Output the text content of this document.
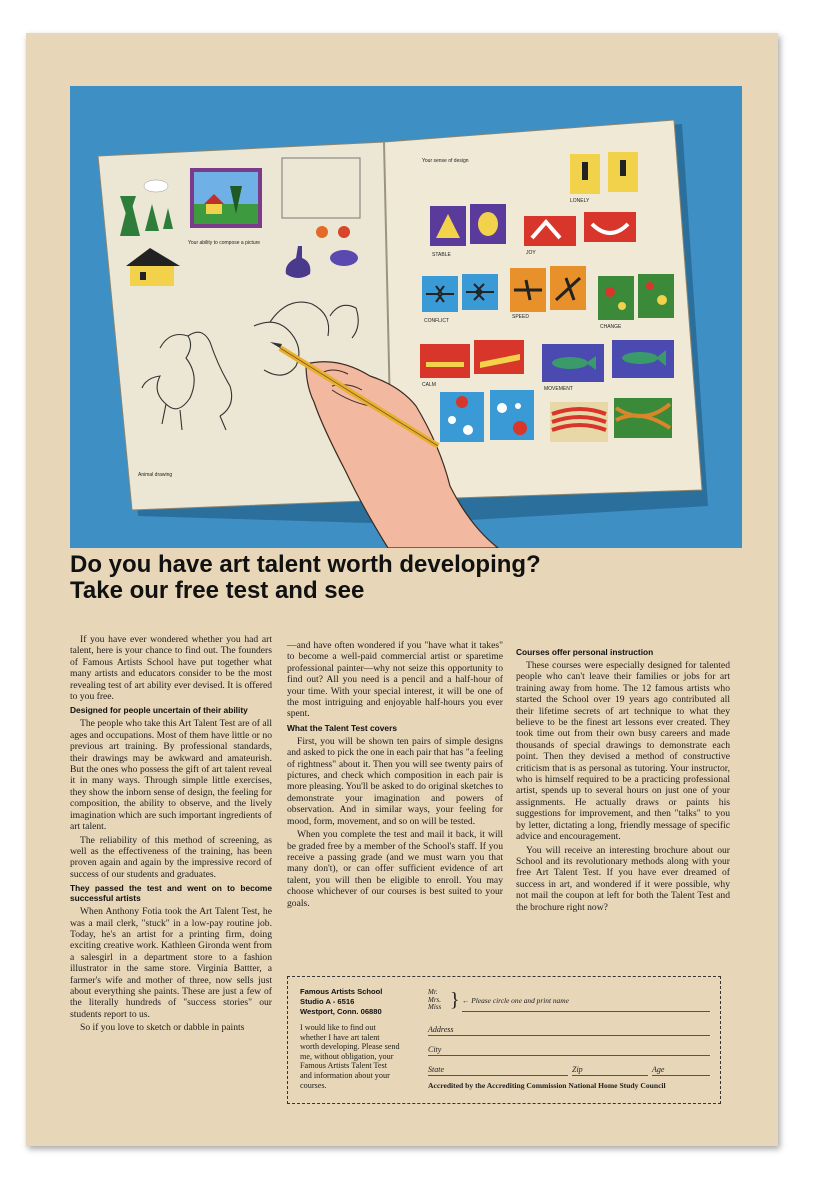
Your ability to compose a picture
Animal drawing
Your sense of design
LONELY
STABLE	JOY
CONFLICT
SPEED
CHANGE
CALM
MOVEMENT
Do you have art talent worth developing?
Take our free test and see

If you have ever wondered whether you had art talent, here is your chance to find out. The founders of Famous Artists School have put together what many artists and educators consider to be the most revealing test of art ability ever devised. It is offered to you free.

Designed for people uncertain of their ability

The people who take this Art Talent Test are of all ages and occupations. Most of them have little or no previous art training. By professional standards, their drawings may be awkward and amateurish. But the ones who possess the gift of art talent reveal it in many ways. Through simple little exercises, they show the inborn sense of design, the feeling for composition, the ability to observe, and the lively imagination which are such important ingredients of art talent.

The reliability of this method of screening, as well as the effectiveness of the training, has been proven again and again by the impressive record of success of our students and graduates.

They passed the test and went on to become successful artists

When Anthony Fotia took the Art Talent Test, he was a mail clerk, "stuck" in a low-pay routine job. Today, he's an artist for a printing firm, doing exciting creative work. Kathleen Gironda went from a salesgirl in a department store to a fashion illustrator in the same store. Virginia Battter, a farmer's wife and mother of three, now sells just about everything she paints. These are just a few of the literally hundreds of "success stories" our students report to us.

So if you love to sketch or dabble in paints

—and have often wondered if you "have what it takes" to become a well-paid commercial artist or sparetime professional painter—why not seize this opportunity to find out? All you need is a pencil and a half-hour of your time. With your special interest, it will be one of the most intriguing and enjoyable half-hours you ever spent.

What the Talent Test covers

First, you will be shown ten pairs of simple designs and asked to pick the one in each pair that has "a feeling of rightness" about it. Then you will see twenty pairs of pictures, and check which composition in each pair is more pleasing. You'll be asked to do original sketches to demonstrate your imagination and powers of observation. And in similar ways, your feeling for mood, form, movement, and so on will be tested.

When you complete the test and mail it back, it will be graded free by a member of the School's staff. If you receive a passing grade (and we must warn you that many don't), or can offer sufficient evidence of art talent, you will then be eligible to enroll. You may choose whichever of our courses is best suited to your goals.

Courses offer personal instruction

These courses were especially designed for talented people who can't leave their families or jobs for art training away from home. The 12 famous artists who started the School over 19 years ago contributed all their lifetime secrets of art technique to what they believe to be the finest art lessons ever created. They took time out from their own busy careers and made thousands of special drawings to demonstrate each point. Then they devised a method of constructive criticism that is as personal as tutoring. Your instructor, who is himself required to be a practicing professional artist, spends up to several hours on just one of your assignments. He actually draws or paints his suggestions for improvement, and then "talks" to you by letter, dictating a long, friendly message of specific advice and encouragement.

You will receive an interesting brochure about our School and its revolutionary methods along with your free Art Talent Test. If you have ever dreamed of success in art, and wondered if it were possible, why not mail the coupon at left for both the Talent Test and the brochure right now?

Famous Artists School
Studio A - 6516
Westport, Conn. 06880
I would like to find out whether I have art talent worth developing. Please send me, without obligation, your Famous Artists Talent Test and information about your courses.
Mr.
Mrs.
Miss } ← Please circle one and print name
Address
City
State	Zip	Age
Accredited by the Accrediting Commission National Home Study Council
